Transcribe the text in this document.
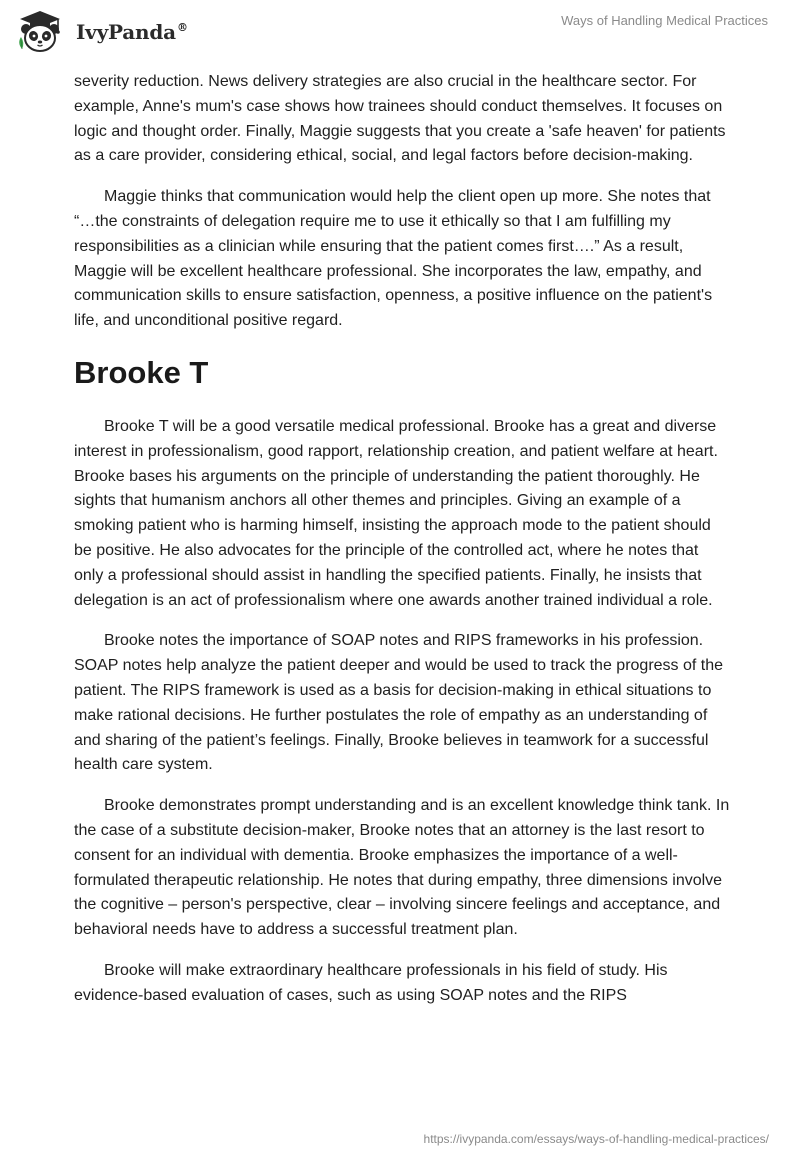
IvyPanda®	Ways of Handling Medical Practices

severity reduction. News delivery strategies are also crucial in the healthcare sector. For example, Anne's mum's case shows how trainees should conduct themselves. It focuses on logic and thought order. Finally, Maggie suggests that you create a 'safe heaven' for patients as a care provider, considering ethical, social, and legal factors before decision-making.

Maggie thinks that communication would help the client open up more. She notes that “…the constraints of delegation require me to use it ethically so that I am fulfilling my responsibilities as a clinician while ensuring that the patient comes first….” As a result, Maggie will be excellent healthcare professional. She incorporates the law, empathy, and communication skills to ensure satisfaction, openness, a positive influence on the patient's life, and unconditional positive regard.

Brooke T

Brooke T will be a good versatile medical professional. Brooke has a great and diverse interest in professionalism, good rapport, relationship creation, and patient welfare at heart. Brooke bases his arguments on the principle of understanding the patient thoroughly. He sights that humanism anchors all other themes and principles. Giving an example of a smoking patient who is harming himself, insisting the approach mode to the patient should be positive. He also advocates for the principle of the controlled act, where he notes that only a professional should assist in handling the specified patients. Finally, he insists that delegation is an act of professionalism where one awards another trained individual a role.

Brooke notes the importance of SOAP notes and RIPS frameworks in his profession. SOAP notes help analyze the patient deeper and would be used to track the progress of the patient. The RIPS framework is used as a basis for decision-making in ethical situations to make rational decisions. He further postulates the role of empathy as an understanding of and sharing of the patient’s feelings. Finally, Brooke believes in teamwork for a successful health care system.

Brooke demonstrates prompt understanding and is an excellent knowledge think tank. In the case of a substitute decision-maker, Brooke notes that an attorney is the last resort to consent for an individual with dementia. Brooke emphasizes the importance of a well-formulated therapeutic relationship. He notes that during empathy, three dimensions involve the cognitive – person's perspective, clear – involving sincere feelings and acceptance, and behavioral needs have to address a successful treatment plan.

Brooke will make extraordinary healthcare professionals in his field of study. His evidence-based evaluation of cases, such as using SOAP notes and the RIPS

https://ivypanda.com/essays/ways-of-handling-medical-practices/
